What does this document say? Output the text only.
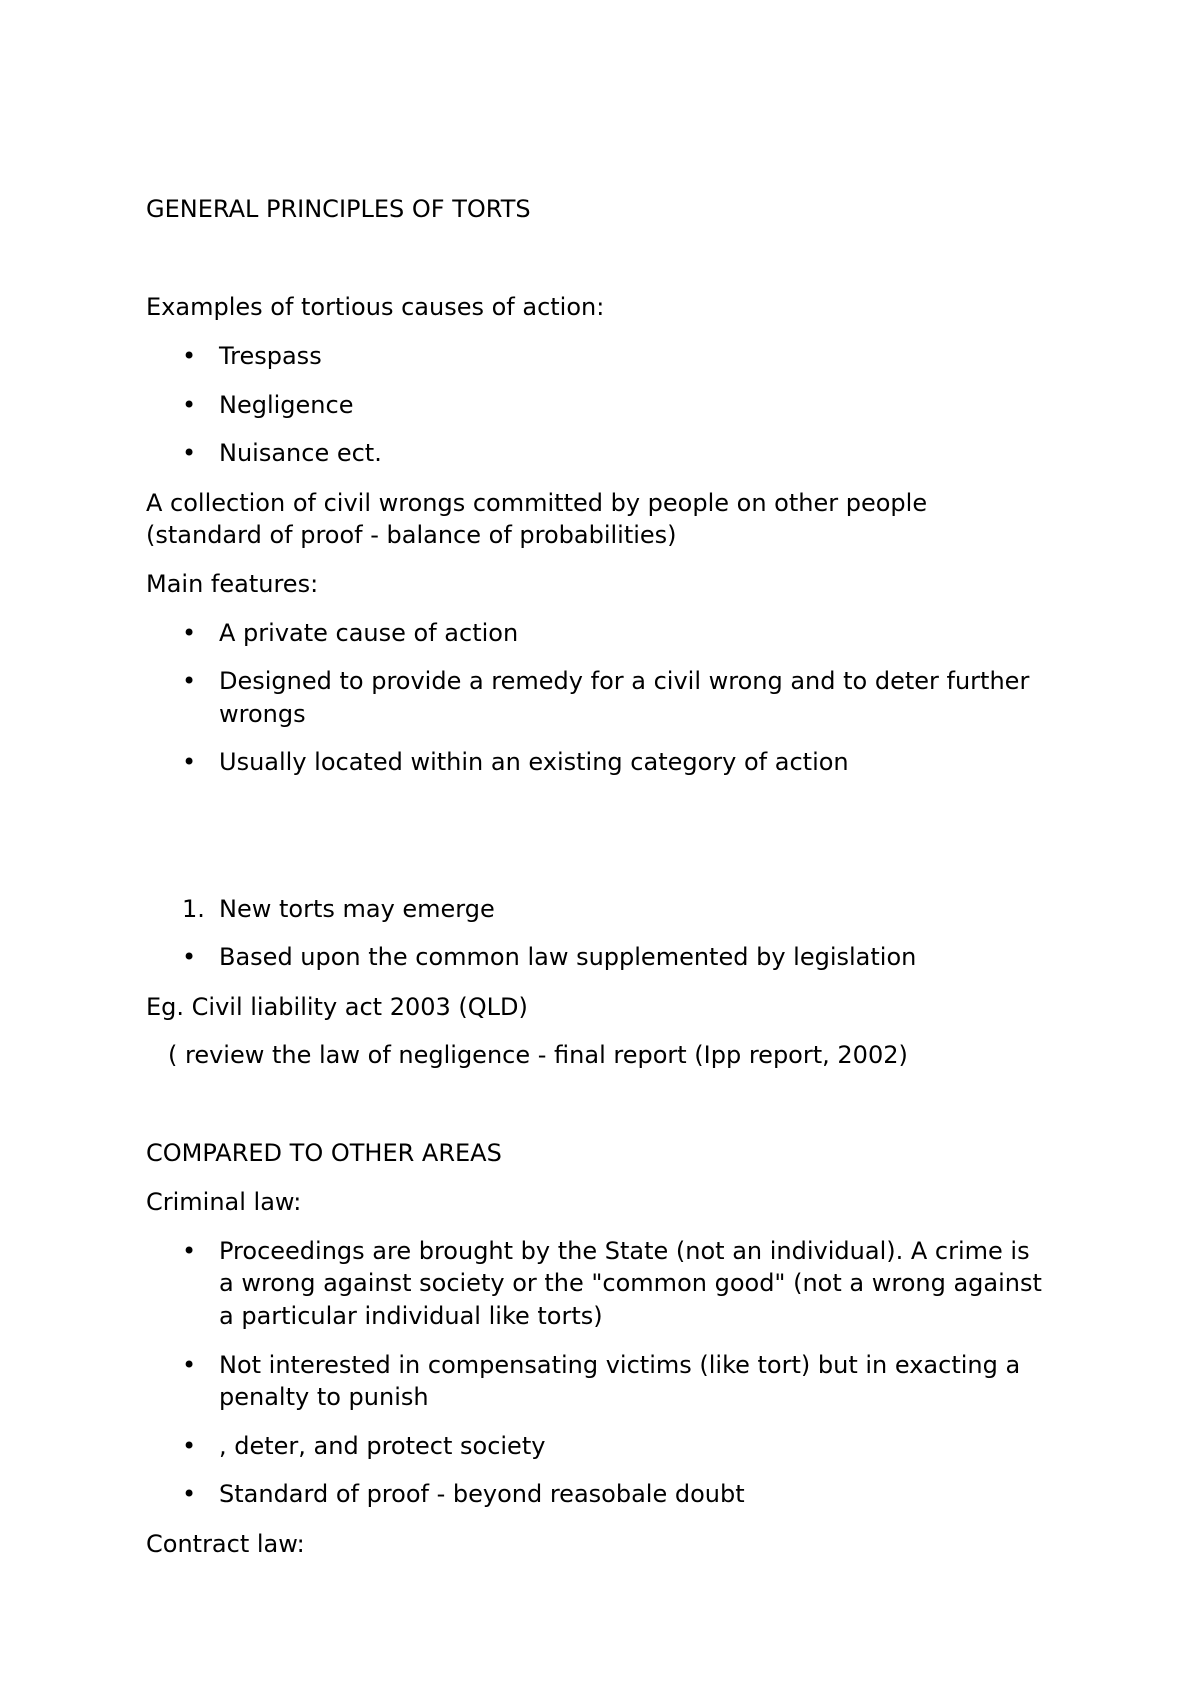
GENERAL PRINCIPLES OF TORTS
Examples of tortious causes of action:
• Trespass
• Negligence
• Nuisance ect.
A collection of civil wrongs committed by people on other people
(standard of proof - balance of probabilities)
Main features:
• A private cause of action
• Designed to provide a remedy for a civil wrong and to deter further
wrongs
• Usually located within an existing category of action
1. New torts may emerge
• Based upon the common law supplemented by legislation
Eg. Civil liability act 2003 (QLD)
( review the law of negligence - final report (Ipp report, 2002)
COMPARED TO OTHER AREAS
Criminal law:
• Proceedings are brought by the State (not an individual). A crime is
a wrong against society or the "common good" (not a wrong against
a particular individual like torts)
• Not interested in compensating victims (like tort) but in exacting a
penalty to punish
• , deter, and protect society
• Standard of proof - beyond reasobale doubt
Contract law:
